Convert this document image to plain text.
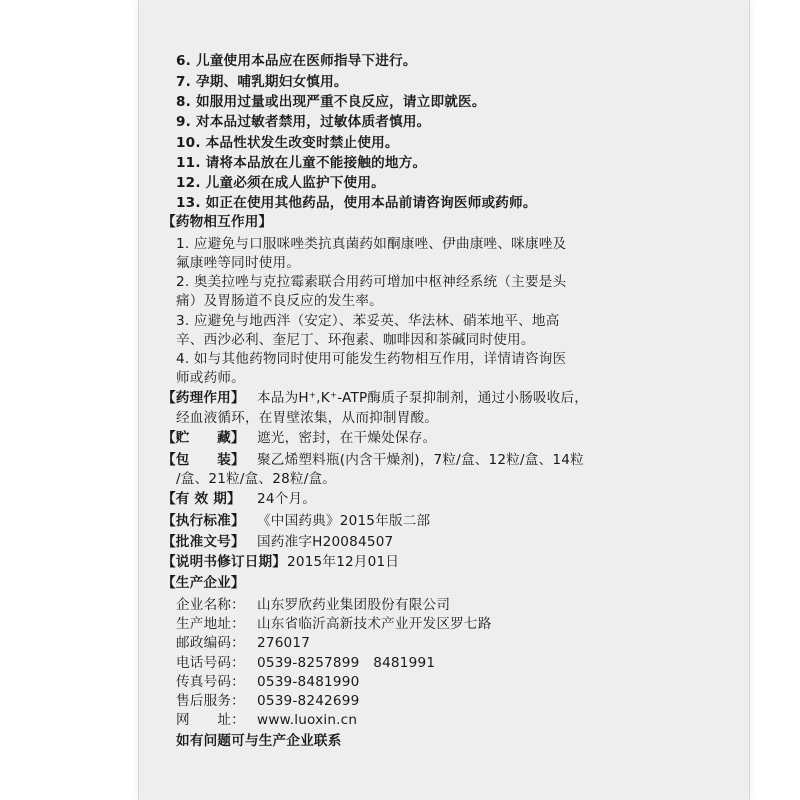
6. 儿童使用本品应在医师指导下进行。
7. 孕期、哺乳期妇女慎用。
8. 如服用过量或出现严重不良反应，请立即就医。
9. 对本品过敏者禁用，过敏体质者慎用。
10. 本品性状发生改变时禁止使用。
11. 请将本品放在儿童不能接触的地方。
12. 儿童必须在成人监护下使用。
13. 如正在使用其他药品，使用本品前请咨询医师或药师。
【药物相互作用】
1. 应避免与口服咪唑类抗真菌药如酮康唑、伊曲康唑、咪康唑及
氟康唑等同时使用。
2. 奥美拉唑与克拉霉素联合用药可增加中枢神经系统（主要是头
痛）及胃肠道不良反应的发生率。
3. 应避免与地西泮（安定）、苯妥英、华法林、硝苯地平、地高
辛、西沙必利、奎尼丁、环孢素、咖啡因和茶碱同时使用。
4. 如与其他药物同时使用可能发生药物相互作用，详情请咨询医
师或药师。
【药理作用】 本品为H⁺,K⁺-ATP酶质子泵抑制剂，通过小肠吸收后，
经血液循环，在胃壁浓集，从而抑制胃酸。
【贮　　藏】 遮光，密封，在干燥处保存。
【包　　装】 聚乙烯塑料瓶(内含干燥剂)，7粒/盒、12粒/盒、14粒
/盒、21粒/盒、28粒/盒。
【有 效 期】 24个月。
【执行标准】 《中国药典》2015年版二部
【批准文号】 国药准字H20084507
【说明书修订日期】 2015年12月01日
【生产企业】
企业名称： 山东罗欣药业集团股份有限公司
生产地址： 山东省临沂高新技术产业开发区罗七路
邮政编码： 276017
电话号码： 0539-8257899　8481991
传真号码： 0539-8481990
售后服务： 0539-8242699
网　　址： www.luoxin.cn
如有问题可与生产企业联系
